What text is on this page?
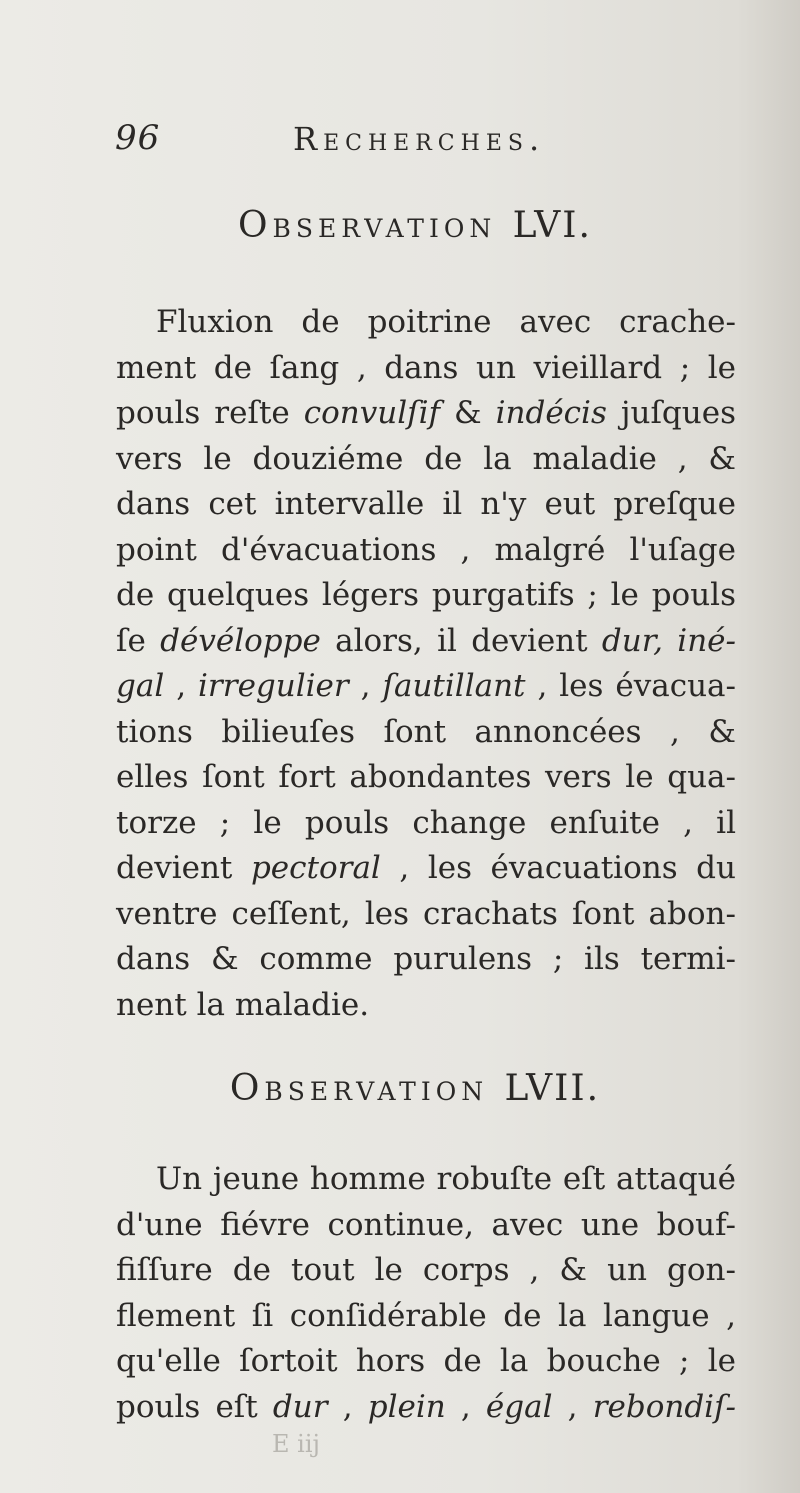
96	Recherches.
Observation LVI.
Fluxion de poitrine avec crache-
ment de ſang , dans un vieillard ; le
pouls reſte convulſif & indécis juſques
vers le douziéme de la maladie , &
dans cet intervalle il n'y eut preſque
point d'évacuations , malgré l'uſage
de quelques légers purgatifs ; le pouls
ſe dévéloppe alors, il devient dur, iné-
gal , irregulier , ſautillant , les évacua-
tions bilieuſes ſont annoncées , &
elles ſont fort abondantes vers le qua-
torze ; le pouls change enſuite , il
devient pectoral , les évacuations du
ventre ceſſent, les crachats ſont abon-
dans & comme purulens ; ils termi-
nent la maladie.
Observation LVII.
Un jeune homme robuſte eſt attaqué
d'une fiévre continue, avec une bouf-
fiſſure de tout le corps , & un gon-
flement ſi conſidérable de la langue ,
qu'elle ſortoit hors de la bouche ; le
pouls eſt dur , plein , égal , rebondiſ-
E iij
